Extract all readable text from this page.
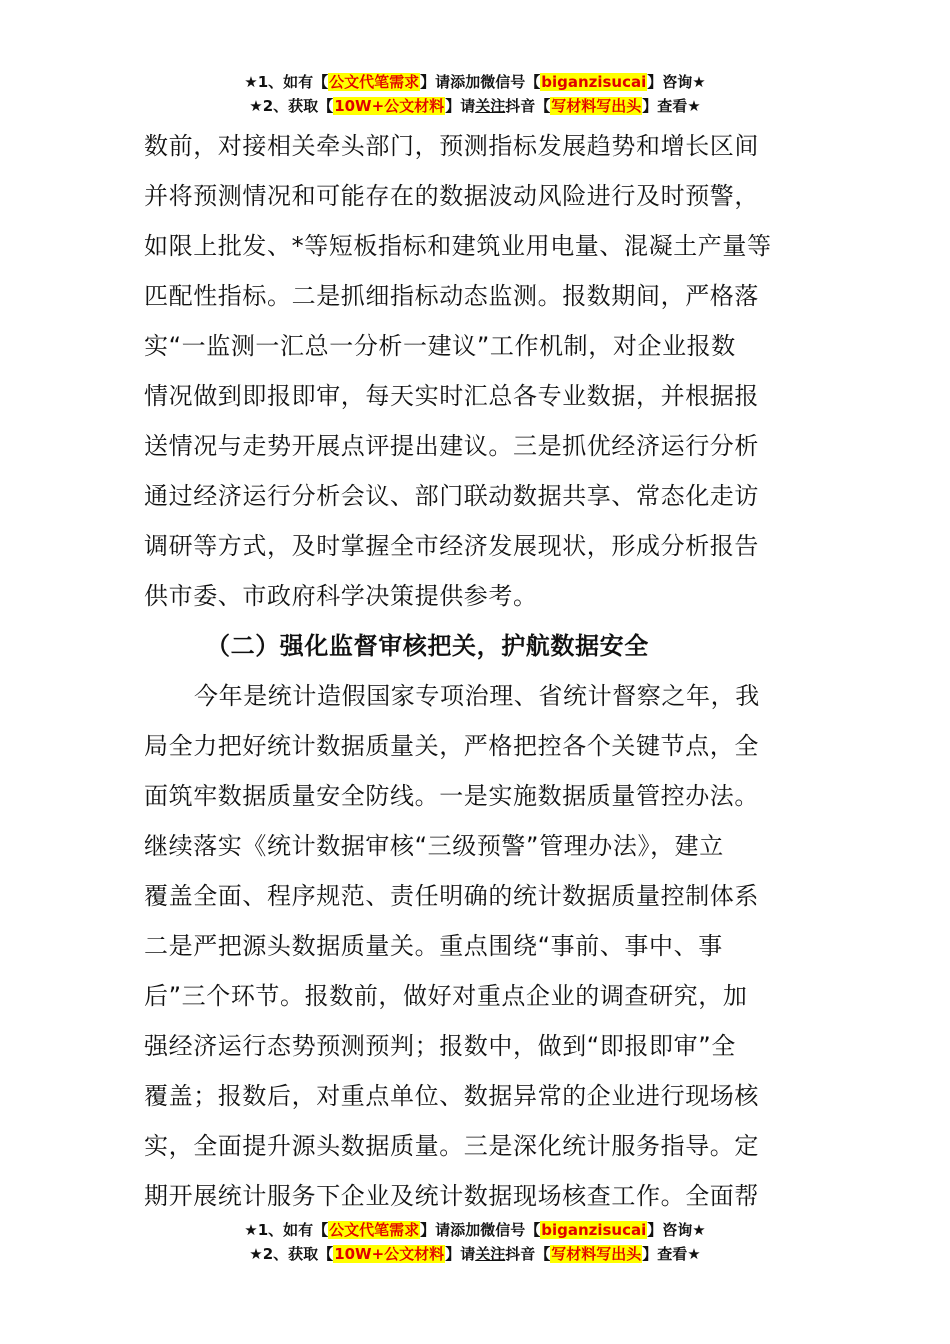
★1、如有【公文代笔需求】请添加微信号【biganzisucai】咨询★
★2、获取【10W+公文材料】请关注抖音【写材料写出头】查看★
数前，对接相关牵头部门，预测指标发展趋势和增长区间
并将预测情况和可能存在的数据波动风险进行及时预警，
如限上批发、*等短板指标和建筑业用电量、混凝土产量等
匹配性指标。二是抓细指标动态监测。报数期间，严格落
实“一监测一汇总一分析一建议”工作机制，对企业报数
情况做到即报即审，每天实时汇总各专业数据，并根据报
送情况与走势开展点评提出建议。三是抓优经济运行分析
通过经济运行分析会议、部门联动数据共享、常态化走访
调研等方式，及时掌握全市经济发展现状，形成分析报告
供市委、市政府科学决策提供参考。
（二）强化监督审核把关，护航数据安全
今年是统计造假国家专项治理、省统计督察之年，我
局全力把好统计数据质量关，严格把控各个关键节点，全
面筑牢数据质量安全防线。一是实施数据质量管控办法。
继续落实《统计数据审核“三级预警”管理办法》，建立
覆盖全面、程序规范、责任明确的统计数据质量控制体系
二是严把源头数据质量关。重点围绕“事前、事中、事
后”三个环节。报数前，做好对重点企业的调查研究，加
强经济运行态势预测预判；报数中，做到“即报即审”全
覆盖；报数后，对重点单位、数据异常的企业进行现场核
实，全面提升源头数据质量。三是深化统计服务指导。定
期开展统计服务下企业及统计数据现场核查工作。全面帮
★1、如有【公文代笔需求】请添加微信号【biganzisucai】咨询★
★2、获取【10W+公文材料】请关注抖音【写材料写出头】查看★
